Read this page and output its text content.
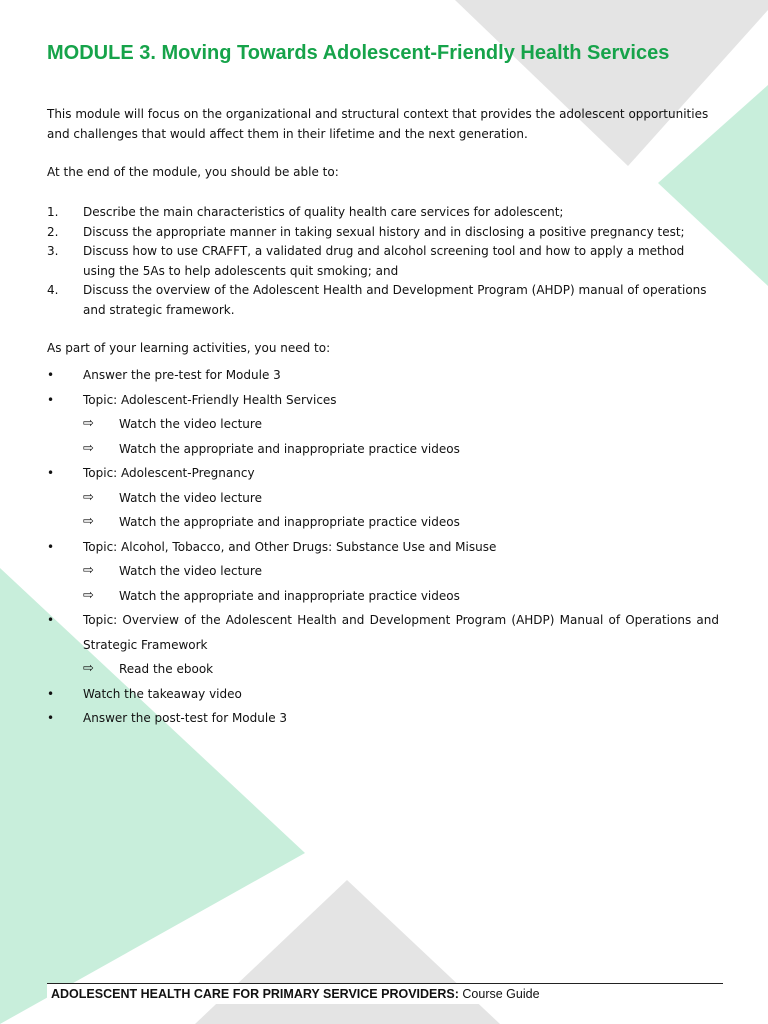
MODULE 3. Moving Towards Adolescent-Friendly Health Services

This module will focus on the organizational and structural context that provides the adolescent opportunities and challenges that would affect them in their lifetime and the next generation.

At the end of the module, you should be able to:

1.	Describe the main characteristics of quality health care services for adolescent;
2.	Discuss the appropriate manner in taking sexual history and in disclosing a positive pregnancy test;
3.	Discuss how to use CRAFFT, a validated drug and alcohol screening tool and how to apply a method using the 5As to help adolescents quit smoking; and
4.	Discuss the overview of the Adolescent Health and Development Program (AHDP) manual of operations and strategic framework.

As part of your learning activities, you need to:

•	Answer the pre-test for Module 3
•	Topic: Adolescent-Friendly Health Services
⇨	Watch the video lecture
⇨	Watch the appropriate and inappropriate practice videos
•	Topic: Adolescent-Pregnancy
⇨	Watch the video lecture
⇨	Watch the appropriate and inappropriate practice videos
•	Topic: Alcohol, Tobacco, and Other Drugs: Substance Use and Misuse
⇨	Watch the video lecture
⇨	Watch the appropriate and inappropriate practice videos
•	Topic: Overview of the Adolescent Health and Development Program (AHDP) Manual of Operations and Strategic Framework
⇨	Read the ebook
•	Watch the takeaway video
•	Answer the post-test for Module 3
ADOLESCENT HEALTH CARE FOR PRIMARY SERVICE PROVIDERS: Course Guide
